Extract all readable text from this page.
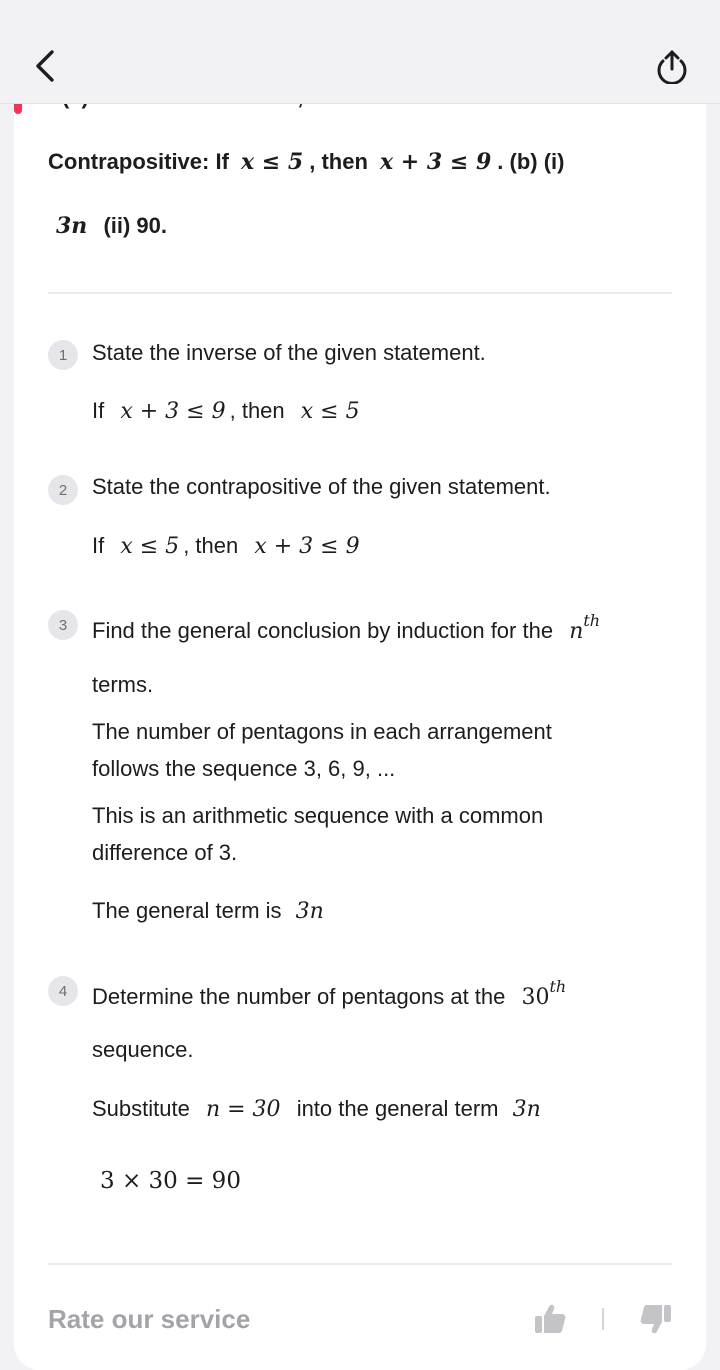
Contrapositive: If x ≤ 5 , then x + 3 ≤ 9 . (b) (i)
3n (ii) 90.
1	State the inverse of the given statement.
If x + 3 ≤ 9 , then x ≤ 5
2	State the contrapositive of the given statement.
If x ≤ 5 , then x + 3 ≤ 9
3	Find the general conclusion by induction for the $n^{th}$
terms.
The number of pentagons in each arrangement
follows the sequence 3, 6, 9, ...
This is an arithmetic sequence with a common
difference of 3.
The general term is 3n
4	Determine the number of pentagons at the 30th
sequence.
Substitute n = 30 into the general term 3n
3 × 30 = 90
Rate our service
